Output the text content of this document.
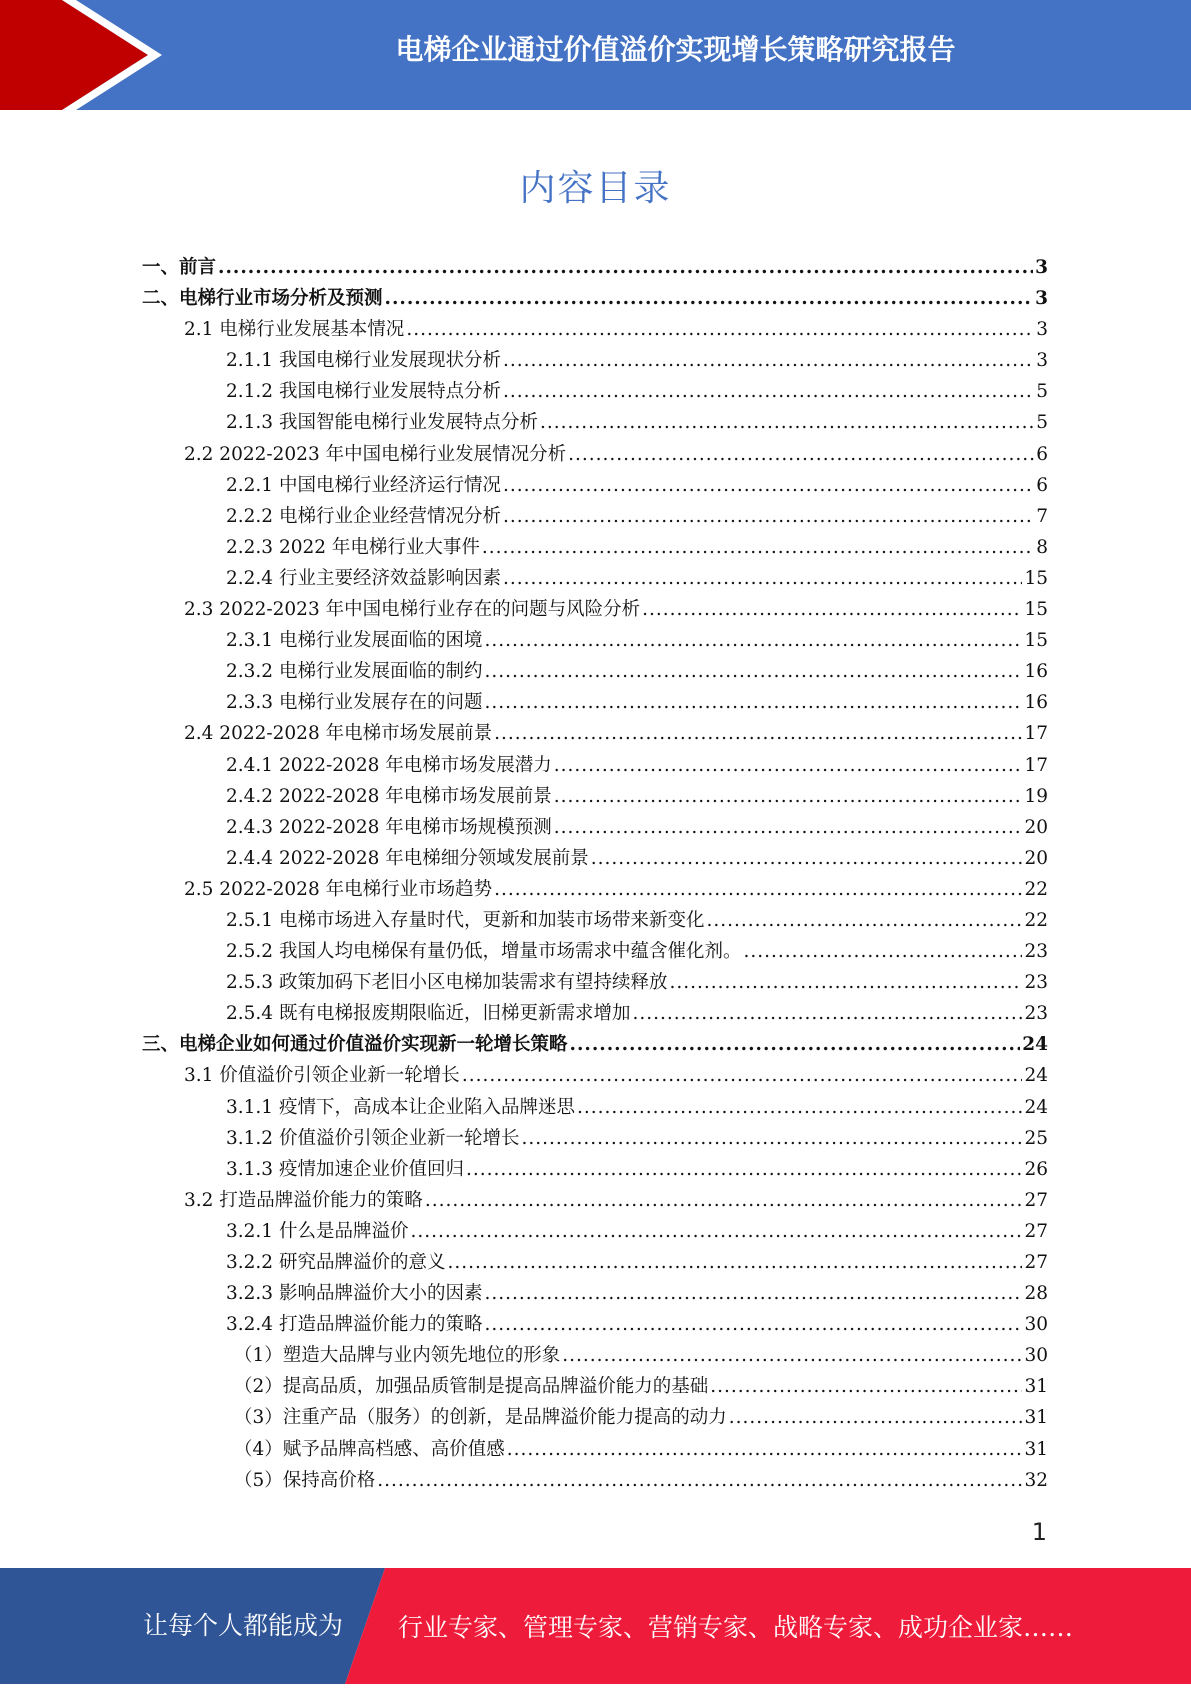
电梯企业通过价值溢价实现增长策略研究报告
内容目录
一、前言 .....	3
二、电梯行业市场分析及预测 .....	3
2.1 电梯行业发展基本情况 .....	3
2.1.1 我国电梯行业发展现状分析 .....	3
2.1.2 我国电梯行业发展特点分析 .....	5
2.1.3 我国智能电梯行业发展特点分析 .....	5
2.2 2022-2023 年中国电梯行业发展情况分析 .....	6
2.2.1 中国电梯行业经济运行情况 .....	6
2.2.2 电梯行业企业经营情况分析 .....	7
2.2.3 2022 年电梯行业大事件 .....	8
2.2.4 行业主要经济效益影响因素 .....	15
2.3 2022-2023 年中国电梯行业存在的问题与风险分析 .....	15
2.3.1 电梯行业发展面临的困境 .....	15
2.3.2 电梯行业发展面临的制约 .....	16
2.3.3 电梯行业发展存在的问题 .....	16
2.4 2022-2028 年电梯市场发展前景 .....	17
2.4.1 2022-2028 年电梯市场发展潜力 .....	17
2.4.2 2022-2028 年电梯市场发展前景 .....	19
2.4.3 2022-2028 年电梯市场规模预测 .....	20
2.4.4 2022-2028 年电梯细分领域发展前景 .....	20
2.5 2022-2028 年电梯行业市场趋势 .....	22
2.5.1 电梯市场进入存量时代，更新和加装市场带来新变化 .....	22
2.5.2 我国人均电梯保有量仍低，增量市场需求中蕴含催化剂。 .....	23
2.5.3 政策加码下老旧小区电梯加装需求有望持续释放 .....	23
2.5.4 既有电梯报废期限临近，旧梯更新需求增加 .....	23
三、电梯企业如何通过价值溢价实现新一轮增长策略 .....	24
3.1 价值溢价引领企业新一轮增长 .....	24
3.1.1 疫情下，高成本让企业陷入品牌迷思 .....	24
3.1.2 价值溢价引领企业新一轮增长 .....	25
3.1.3 疫情加速企业价值回归 .....	26
3.2 打造品牌溢价能力的策略 .....	27
3.2.1 什么是品牌溢价 .....	27
3.2.2 研究品牌溢价的意义 .....	27
3.2.3 影响品牌溢价大小的因素 .....	28
3.2.4 打造品牌溢价能力的策略 .....	30
（1）塑造大品牌与业内领先地位的形象 .....	30
（2）提高品质，加强品质管制是提高品牌溢价能力的基础 .....	31
（3）注重产品（服务）的创新，是品牌溢价能力提高的动力 .....	31
（4）赋予品牌高档感、高价值感 .....	31
（5）保持高价格 .....	32
1
让每个人都能成为 行业专家、管理专家、营销专家、战略专家、成功企业家……
